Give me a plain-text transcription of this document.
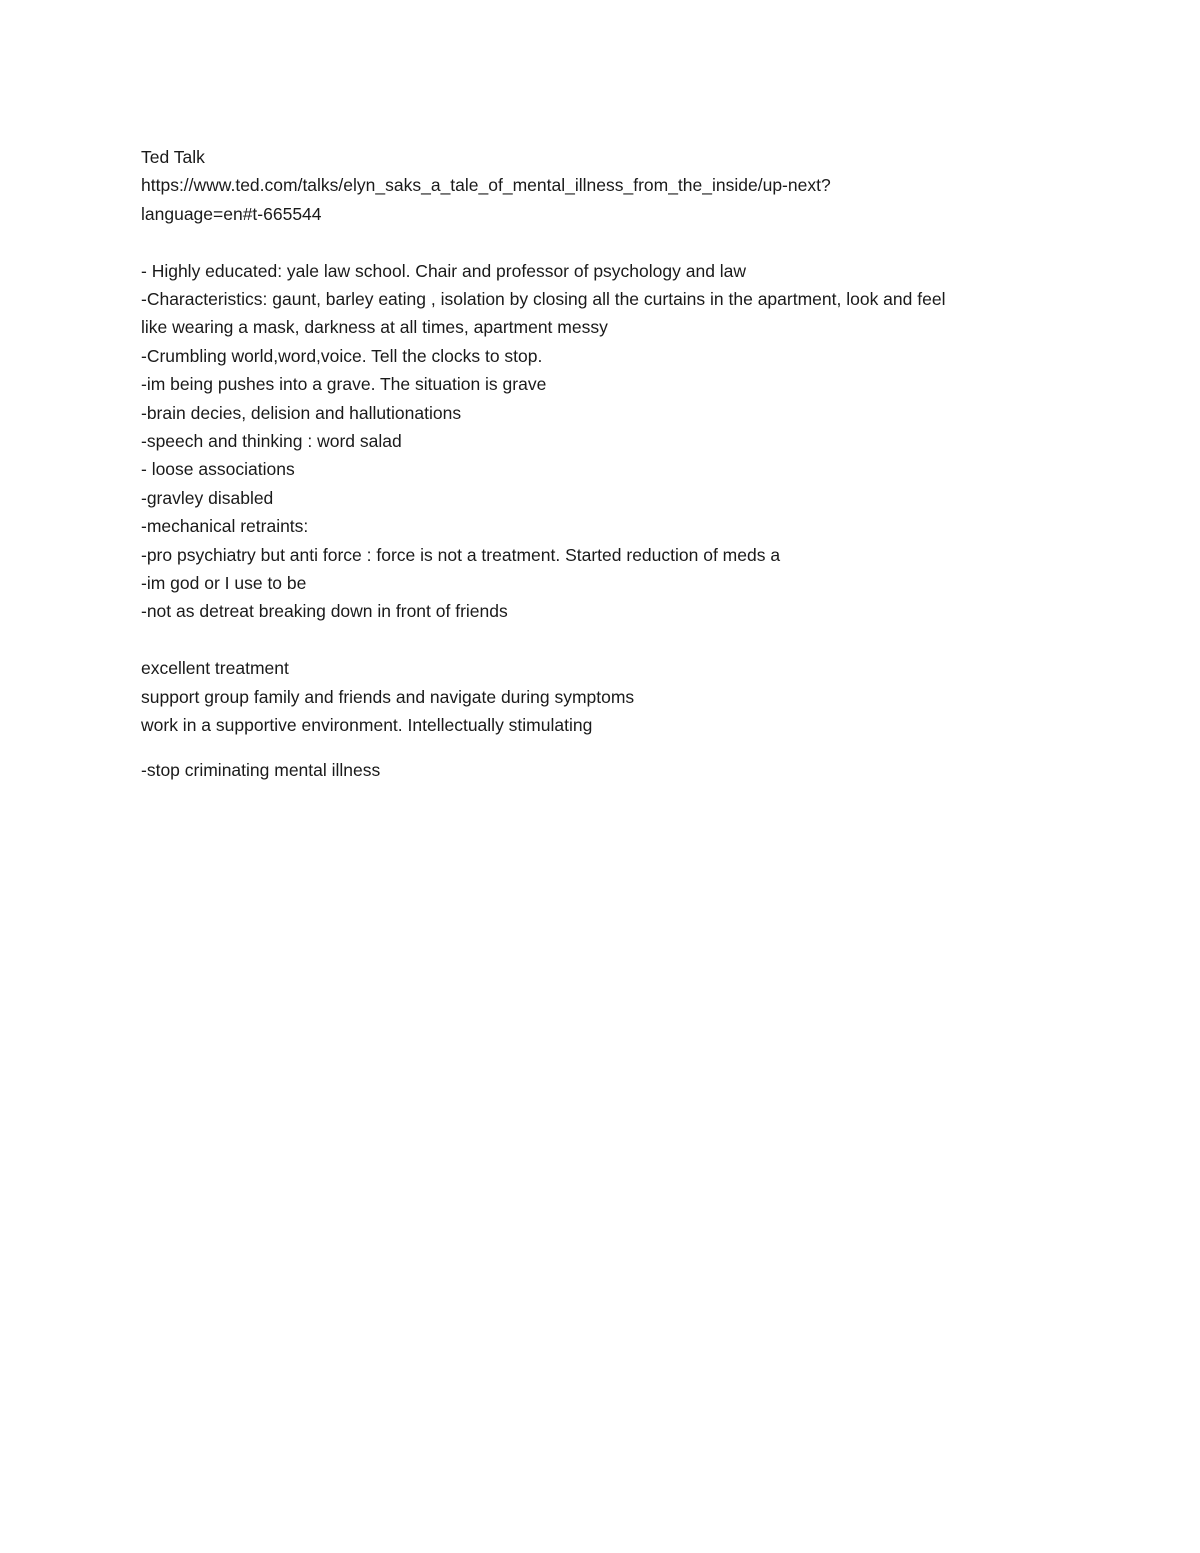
Ted Talk

https://www.ted.com/talks/elyn_saks_a_tale_of_mental_illness_from_the_inside/up-next?

language=en#t-665544

- Highly educated: yale law school. Chair and professor of psychology and law

-Characteristics: gaunt, barley eating , isolation by closing all the curtains in the apartment, look and feel

like wearing a mask, darkness at all times, apartment messy

-Crumbling world,word,voice. Tell the clocks to stop.

-im being pushes into a grave. The situation is grave

-brain decies, delision and hallutionations

-speech and thinking : word salad

- loose associations

-gravley disabled

-mechanical retraints:

-pro psychiatry but anti force : force is not a treatment. Started reduction of meds a

-im god or I use to be

-not as detreat breaking down in front of friends

excellent treatment

support group family and friends and navigate during symptoms

work in a supportive environment. Intellectually stimulating

-stop criminating mental illness
